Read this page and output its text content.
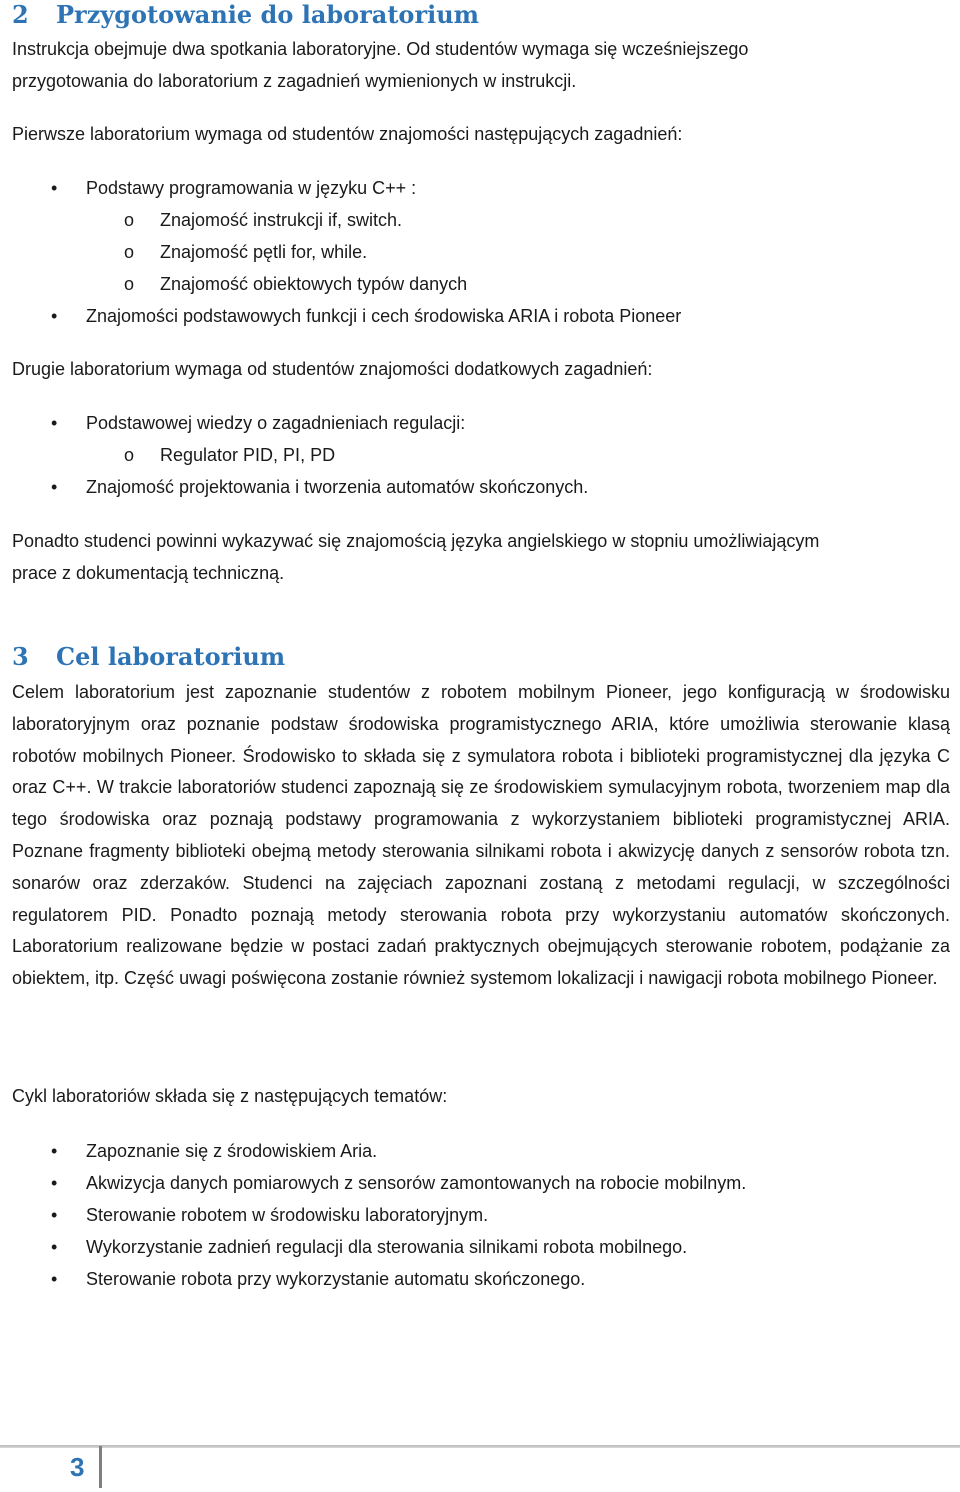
2 Przygotowanie do laboratorium

Instrukcja obejmuje dwa spotkania laboratoryjne. Od studentów wymaga się wcześniejszego

przygotowania do laboratorium z zagadnień wymienionych w instrukcji.

Pierwsze laboratorium wymaga od studentów znajomości następujących zagadnień:

• Podstawy programowania w języku C++ :
o Znajomość instrukcji if, switch.
o Znajomość pętli for, while.
o Znajomość obiektowych typów danych
• Znajomości podstawowych funkcji i cech środowiska ARIA i robota Pioneer

Drugie laboratorium wymaga od studentów znajomości dodatkowych zagadnień:

• Podstawowej wiedzy o zagadnieniach regulacji:
o Regulator PID, PI, PD
• Znajomość projektowania i tworzenia automatów skończonych.

Ponadto studenci powinni wykazywać się znajomością języka angielskiego w stopniu umożliwiającym

prace z dokumentacją techniczną.

3 Cel laboratorium

Celem laboratorium jest zapoznanie studentów z robotem mobilnym Pioneer, jego konfiguracją w środowisku laboratoryjnym oraz poznanie podstaw środowiska programistycznego ARIA, które umożliwia sterowanie klasą robotów mobilnych Pioneer. Środowisko to składa się z symulatora robota i biblioteki programistycznej dla języka C oraz C++. W trakcie laboratoriów studenci zapoznają się ze środowiskiem symulacyjnym robota, tworzeniem map dla tego środowiska oraz poznają podstawy programowania z wykorzystaniem biblioteki programistycznej ARIA. Poznane fragmenty biblioteki obejmą metody sterowania silnikami robota i akwizycję danych z sensorów robota tzn. sonarów oraz zderzaków. Studenci na zajęciach zapoznani zostaną z metodami regulacji, w szczególności regulatorem PID. Ponadto poznają metody sterowania robota przy wykorzystaniu automatów skończonych. Laboratorium realizowane będzie w postaci zadań praktycznych obejmujących sterowanie robotem, podążanie za obiektem, itp. Część uwagi poświęcona zostanie również systemom lokalizacji i nawigacji robota mobilnego Pioneer.

Cykl laboratoriów składa się z następujących tematów:

• Zapoznanie się z środowiskiem Aria.
• Akwizycja danych pomiarowych z sensorów zamontowanych na robocie mobilnym.
• Sterowanie robotem w środowisku laboratoryjnym.
• Wykorzystanie zadnień regulacji dla sterowania silnikami robota mobilnego.
• Sterowanie robota przy wykorzystanie automatu skończonego.
3
